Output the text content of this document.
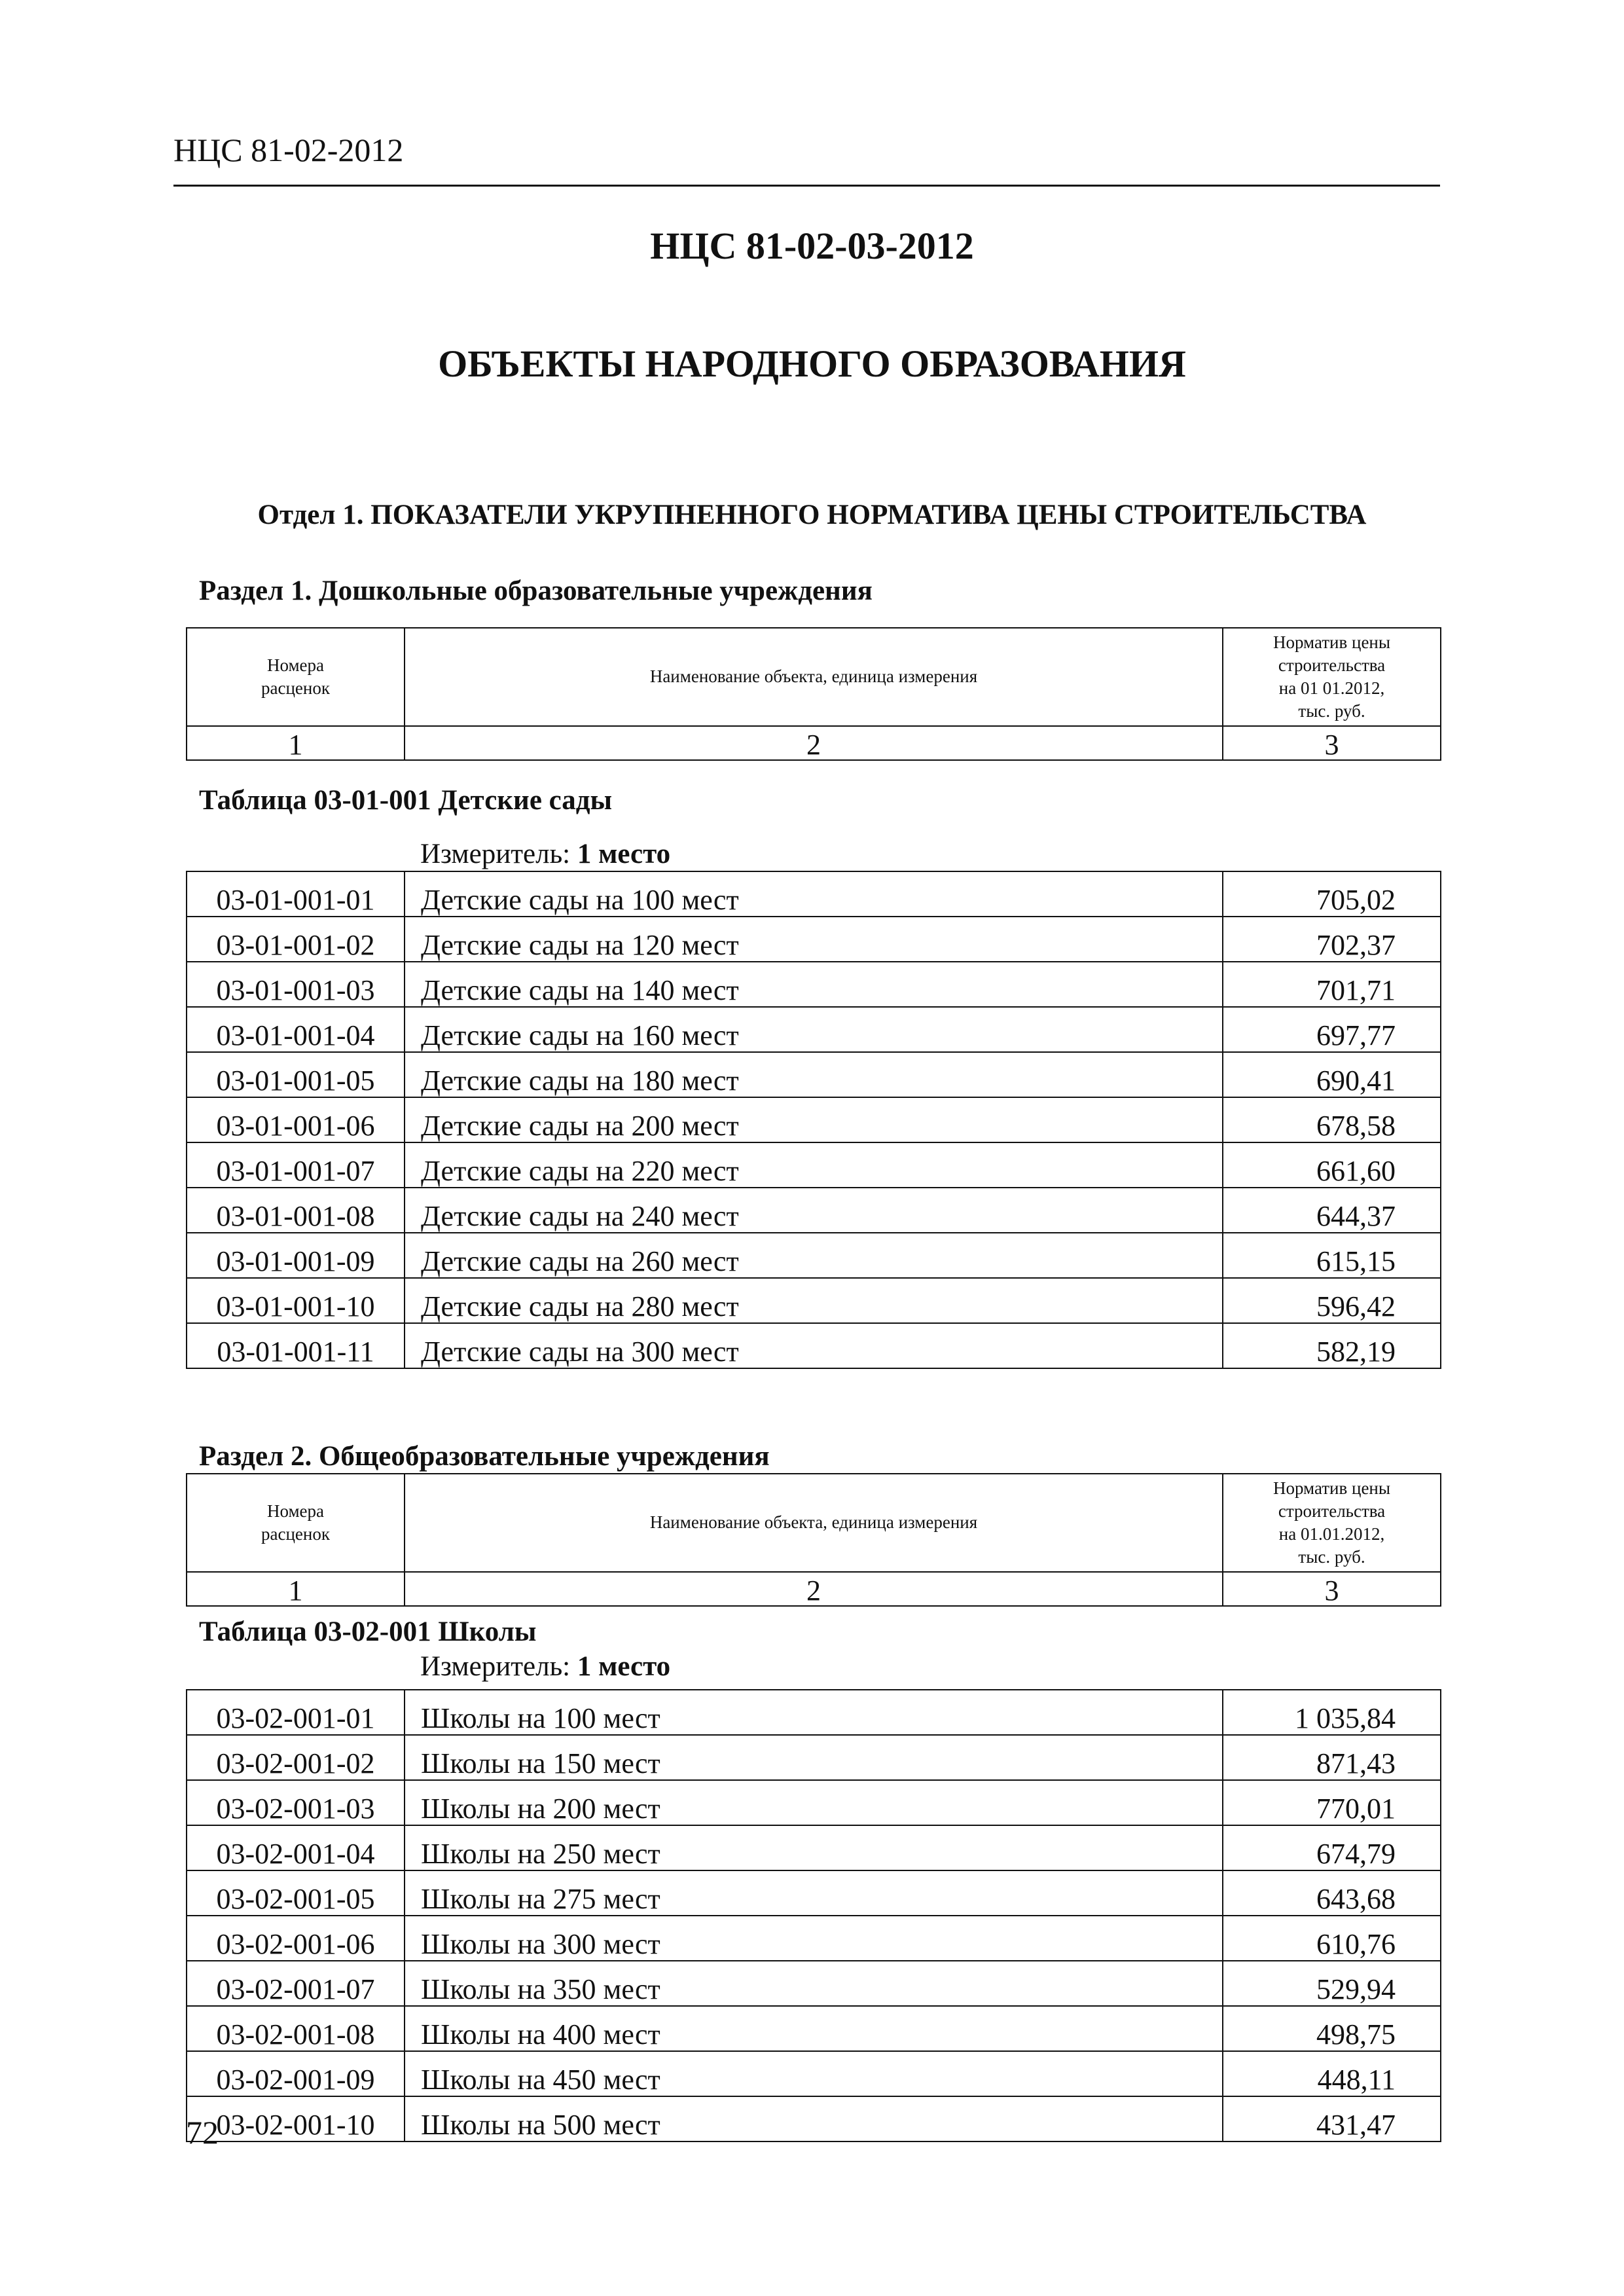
НЦС 81-02-2012
НЦС 81-02-03-2012
ОБЪЕКТЫ НАРОДНОГО ОБРАЗОВАНИЯ
Отдел 1. ПОКАЗАТЕЛИ УКРУПНЕННОГО НОРМАТИВА ЦЕНЫ СТРОИТЕЛЬСТВА
Раздел 1. Дошкольные образовательные учреждения
Номера
расценок	Наименование объекта, единица измерения	Норматив цены
строительства
на 01 01.2012,
тыс. руб.
1	2	3
Таблица 03-01-001 Детские сады
Измеритель: 1 место
03-01-001-01	Детские сады на 100 мест	705,02
03-01-001-02	Детские сады на 120 мест	702,37
03-01-001-03	Детские сады на 140 мест	701,71
03-01-001-04	Детские сады на 160 мест	697,77
03-01-001-05	Детские сады на 180 мест	690,41
03-01-001-06	Детские сады на 200 мест	678,58
03-01-001-07	Детские сады на 220 мест	661,60
03-01-001-08	Детские сады на 240 мест	644,37
03-01-001-09	Детские сады на 260 мест	615,15
03-01-001-10	Детские сады на 280 мест	596,42
03-01-001-11	Детские сады на 300 мест	582,19
Раздел 2. Общеобразовательные учреждения
Номера
расценок	Наименование объекта, единица измерения	Норматив цены
строительства
на 01.01.2012,
тыс. руб.
1	2	3
Таблица 03-02-001 Школы
Измеритель: 1 место
03-02-001-01	Школы на 100 мест	1 035,84
03-02-001-02	Школы на 150 мест	871,43
03-02-001-03	Школы на 200 мест	770,01
03-02-001-04	Школы на 250 мест	674,79
03-02-001-05	Школы на 275 мест	643,68
03-02-001-06	Школы на 300 мест	610,76
03-02-001-07	Школы на 350 мест	529,94
03-02-001-08	Школы на 400 мест	498,75
03-02-001-09	Школы на 450 мест	448,11
03-02-001-10	Школы на 500 мест	431,47
72
